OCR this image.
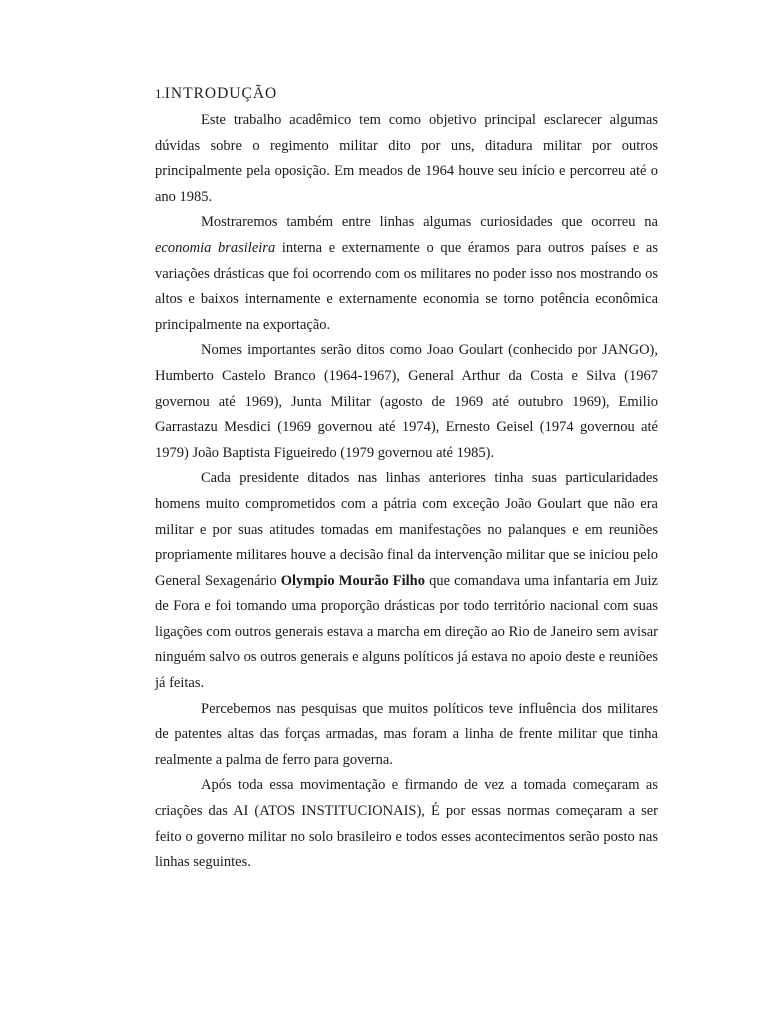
1.INTRODUÇÃO

Este trabalho acadêmico tem como objetivo principal esclarecer algumas dúvidas sobre o regimento militar dito por uns, ditadura militar por outros principalmente pela oposição. Em meados de 1964 houve seu início e percorreu até o ano 1985.

Mostraremos também entre linhas algumas curiosidades que ocorreu na economia brasileira interna e externamente o que éramos para outros países e as variações drásticas que foi ocorrendo com os militares no poder isso nos mostrando os altos e baixos internamente e externamente economia se torno potência econômica principalmente na exportação.

Nomes importantes serão ditos como Joao Goulart (conhecido por JANGO), Humberto Castelo Branco (1964-1967), General Arthur da Costa e Silva (1967 governou até 1969), Junta Militar (agosto de 1969 até outubro 1969), Emilio Garrastazu Mesdici (1969 governou até 1974), Ernesto Geisel (1974 governou até 1979) João Baptista Figueiredo (1979 governou até 1985).

Cada presidente ditados nas linhas anteriores tinha suas particularidades homens muito comprometidos com a pátria com exceção João Goulart que não era militar e por suas atitudes tomadas em manifestações no palanques e em reuniões propriamente militares houve a decisão final da intervenção militar que se iniciou pelo General Sexagenário Olympio Mourão Filho que comandava uma infantaria em Juiz de Fora e foi tomando uma proporção drásticas por todo território nacional com suas ligações com outros generais estava a marcha em direção ao Rio de Janeiro sem avisar ninguém salvo os outros generais e alguns políticos já estava no apoio deste e reuniões já feitas.

Percebemos nas pesquisas que muitos políticos teve influência dos militares de patentes altas das forças armadas, mas foram a linha de frente militar que tinha realmente a palma de ferro para governa.

Após toda essa movimentação e firmando de vez a tomada começaram as criações das AI (ATOS INSTITUCIONAIS), É por essas normas começaram a ser feito o governo militar no solo brasileiro e todos esses acontecimentos serão posto nas linhas seguintes.
